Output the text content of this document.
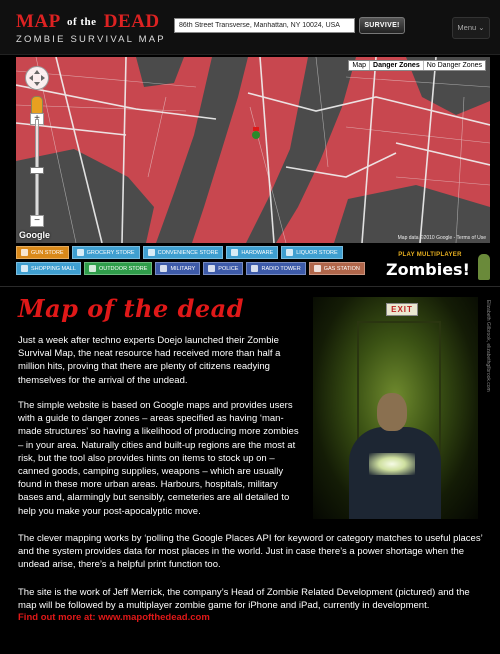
MAP of the DEAD
ZOMBIE SURVIVAL MAP
86th Street Transverse, Manhattan, NY 10024, USA
SURVIVE!	Menu ⌄
Map	Danger Zones	No Danger Zones
−
Google	Map data ©2010 Google - Terms of Use
GUN STORE	GROCERY STORE	CONVENIENCE STORE	HARDWARE	LIQUOR STORE
SHOPPING MALL	OUTDOOR STORE	MILITARY	POLICE	RADIO TOWER	GAS STATION
PLAY MULTIPLAYER
Zombies!
Map of the dead
Just a week after techno experts Doejo launched their Zombie Survival Map, the neat resource had received more than half a million hits, proving that there are plenty of citizens readying themselves for the arrival of the undead.
The simple website is based on Google maps and provides users with a guide to danger zones – areas specified as having ‘man-made structures’ so having a likelihood of producing more zombies – in your area. Naturally cities and built-up regions are the most at risk, but the tool also provides hints on items to stock up on – canned goods, camping supplies, weapons – which are usually found in these more urban areas. Harbours, hospitals, military bases and, alarmingly but sensibly, cemeteries are all detailed to help you make your post-apocalyptic move.
The clever mapping works by ‘polling the Google Places API for keyword or category matches to useful places’ and the system provides data for most places in the world. Just in case there’s a power shortage when the undead arise, there’s a helpful print function too.
The site is the work of Jeff Merrick, the company’s Head of Zombie Related Development (pictured) and the map will be followed by a multiplayer zombie game for iPhone and iPad, currently in development.
Find out more at: www.mapofthedead.com
EXIT	Elizabeth Gilbrook, elizabethgilbrook.com
